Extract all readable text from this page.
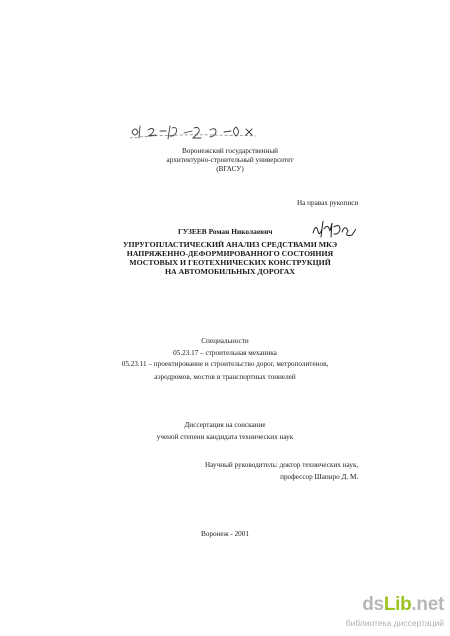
Воронежский государственный
архитектурно-строительный университет
(ВГАСУ)
На правах рукописи
ГУЗЕЕВ Роман Николаевич
УПРУГОПЛАСТИЧЕСКИЙ АНАЛИЗ СРЕДСТВАМИ МКЭ
НАПРЯЖЕННО-ДЕФОРМИРОВАННОГО СОСТОЯНИЯ
МОСТОВЫХ И ГЕОТЕХНИЧЕСКИХ КОНСТРУКЦИЙ
НА АВТОМОБИЛЬНЫХ ДОРОГАХ
Специальности
05.23.17 – строительная механика
05.23.11 – проектирование и строительство дорог, метрополитенов,
аэродромов, мостов и транспортных тоннелей
Диссертация на соискание
ученой степени кандидата технических наук
Научный руководитель: доктор технических наук,
профессор Шапиро Д. М.
Воронеж - 2001
dsLib.net
библиотека диссертаций
